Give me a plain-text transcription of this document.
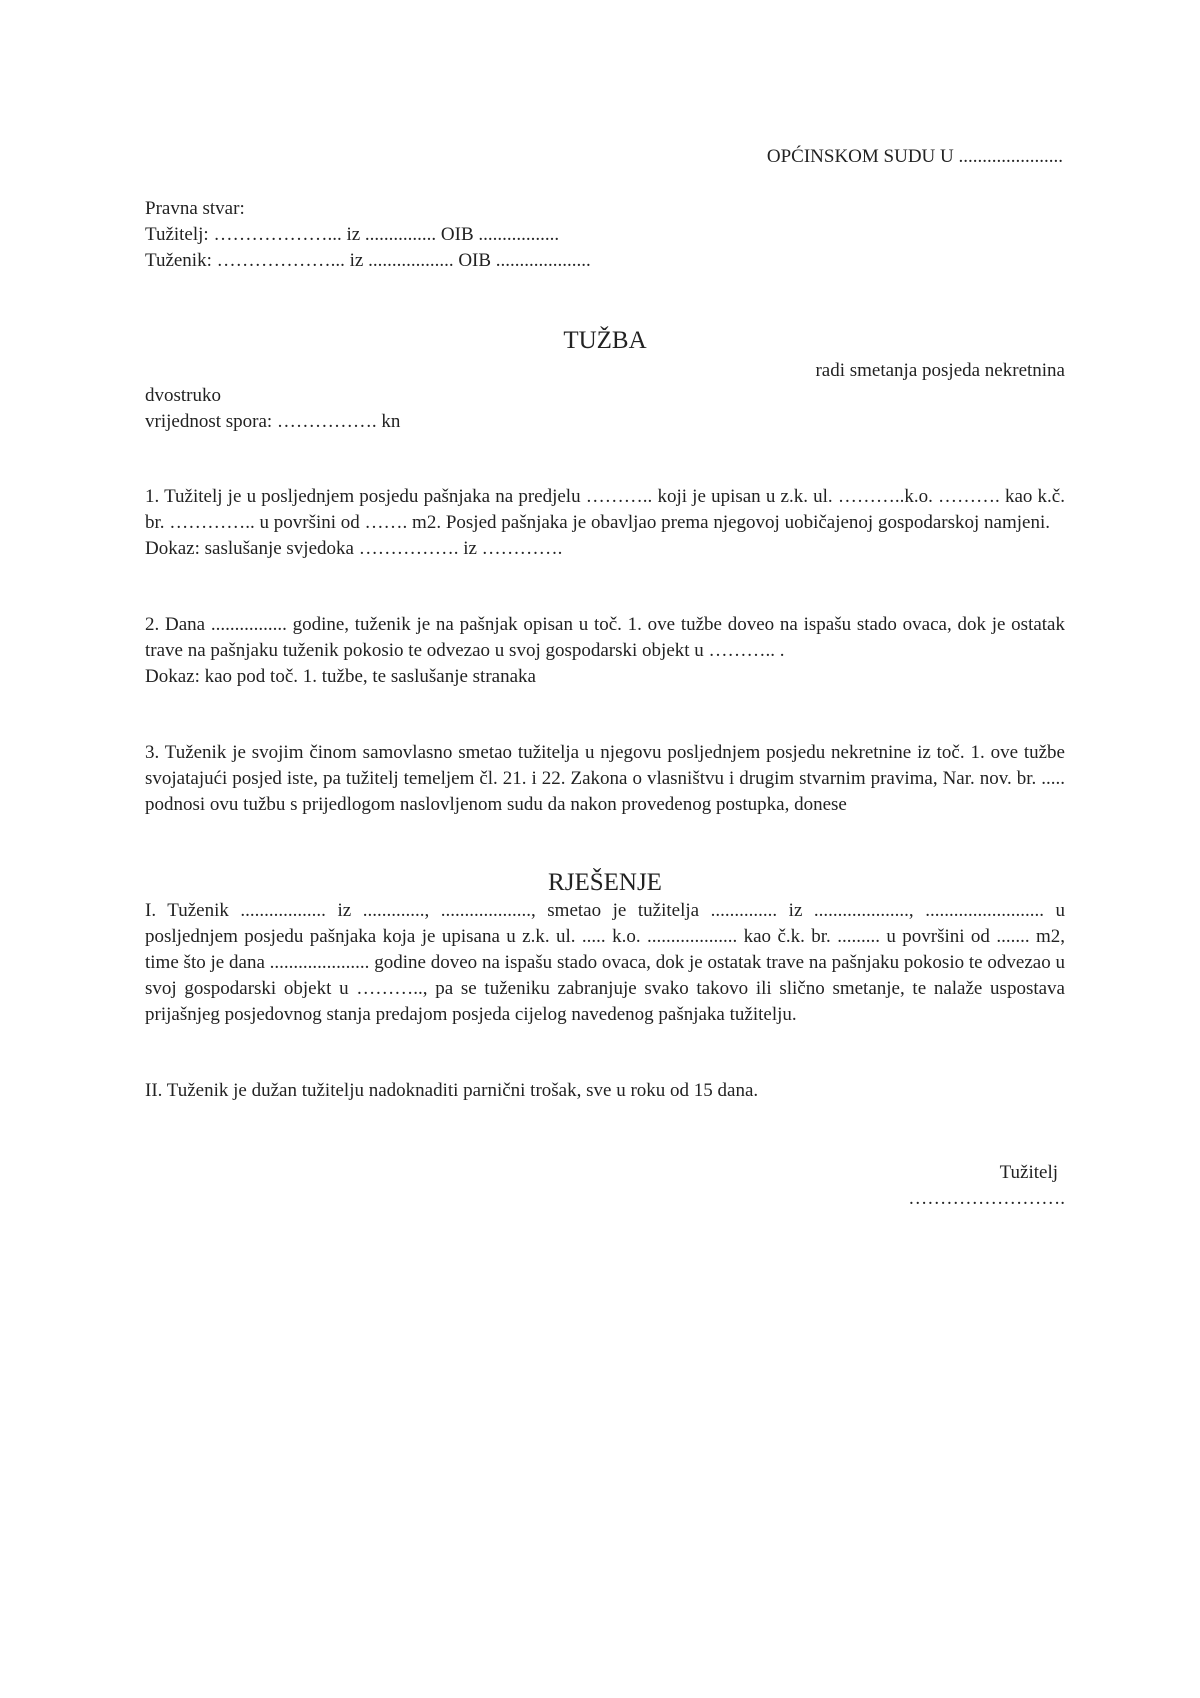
OPĆINSKOM SUDU U ......................
Pravna stvar:
Tužitelj: ………………... iz ............... OIB .................
Tuženik: ………………... iz .................. OIB ....................
TUŽBA
radi smetanja posjeda nekretnina
dvostruko
vrijednost spora: ……………. kn

1. Tužitelj je u posljednjem posjedu pašnjaka na predjelu ……….. koji je upisan u z.k. ul. ………..k.o. ………. kao k.č. br. ………….. u površini od ……. m2. Posjed pašnjaka je obavljao prema njegovoj uobičajenoj gospodarskoj namjeni.

Dokaz: saslušanje svjedoka ……………. iz ………….

2. Dana ................ godine, tuženik je na pašnjak opisan u toč. 1. ove tužbe doveo na ispašu stado ovaca, dok je ostatak trave na pašnjaku tuženik pokosio te odvezao u svoj gospodarski objekt u ……….. .

Dokaz: kao pod toč. 1. tužbe, te saslušanje stranaka

3. Tuženik je svojim činom samovlasno smetao tužitelja u njegovu posljednjem posjedu nekretnine iz toč. 1. ove tužbe svojatajući posjed iste, pa tužitelj temeljem čl. 21. i 22. Zakona o vlasništvu i drugim stvarnim pravima, Nar. nov. br. ..... podnosi ovu tužbu s prijedlogom naslovljenom sudu da nakon provedenog postupka, donese

RJEŠENJE

I. Tuženik .................. iz ............., ..................., smetao je tužitelja .............. iz ...................., ......................... u posljednjem posjedu pašnjaka koja je upisana u z.k. ul. ..... k.o. ................... kao č.k. br. ......... u površini od ....... m2, time što je dana ..................... godine doveo na ispašu stado ovaca, dok je ostatak trave na pašnjaku pokosio te odvezao u svoj gospodarski objekt u ……….., pa se tuženiku zabranjuje svako takovo ili slično smetanje, te nalaže uspostava prijašnjeg posjedovnog stanja predajom posjeda cijelog navedenog pašnjaka tužitelju.

II. Tuženik je dužan tužitelju nadoknaditi parnični trošak, sve u roku od 15 dana.

Tužitelj
…………………….
